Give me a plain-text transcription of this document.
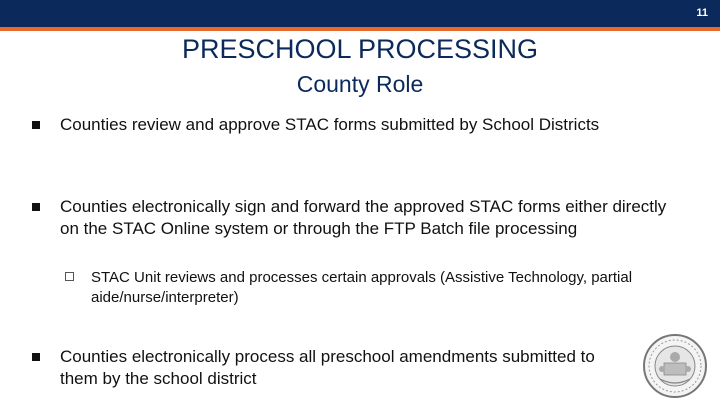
11
PRESCHOOL PROCESSING
County Role
Counties review and approve STAC forms submitted by School Districts
Counties electronically sign and forward the approved STAC forms either directly on the STAC Online system or through the FTP Batch file processing
STAC Unit reviews and processes certain approvals (Assistive Technology, partial aide/nurse/interpreter)
Counties electronically process all preschool amendments submitted to them by the school district
